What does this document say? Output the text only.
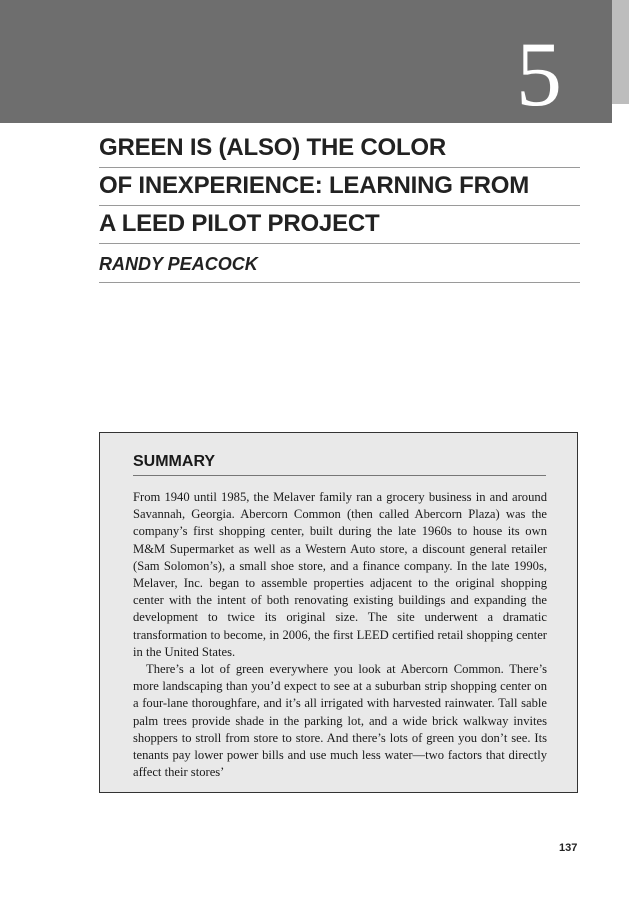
5
GREEN IS (ALSO) THE COLOR
OF INEXPERIENCE: LEARNING FROM
A LEED PILOT PROJECT
RANDY PEACOCK
SUMMARY

From 1940 until 1985, the Melaver family ran a grocery business in and around Savannah, Georgia. Abercorn Common (then called Abercorn Plaza) was the company’s first shopping center, built during the late 1960s to house its own M&M Supermarket as well as a Western Auto store, a discount general retailer (Sam Solomon’s), a small shoe store, and a finance company. In the late 1990s, Melaver, Inc. began to assemble properties adjacent to the original shopping center with the intent of both renovating existing buildings and expanding the development to twice its original size. The site underwent a dramatic transformation to become, in 2006, the first LEED certified retail shopping center in the United States.

There’s a lot of green everywhere you look at Abercorn Common. There’s more landscaping than you’d expect to see at a suburban strip shopping center on a four-lane thoroughfare, and it’s all irrigated with harvested rainwater. Tall sable palm trees provide shade in the parking lot, and a wide brick walkway invites shoppers to stroll from store to store. And there’s lots of green you don’t see. Its tenants pay lower power bills and use much less water—two factors that directly affect their stores’

137
